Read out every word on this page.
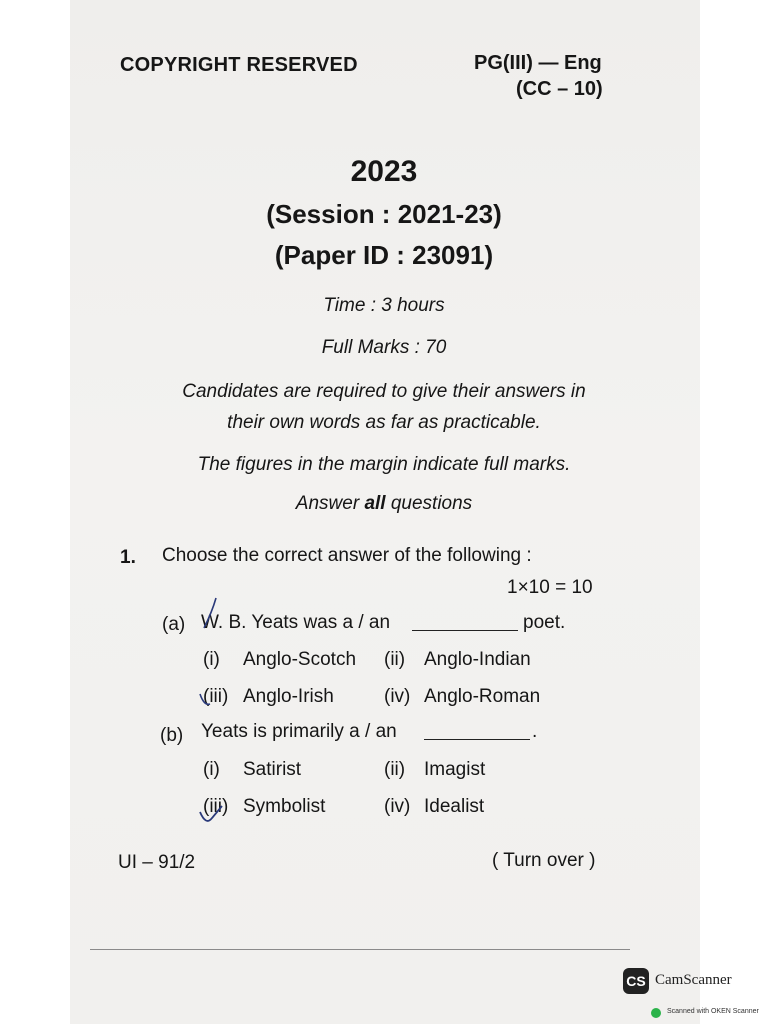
COPYRIGHT RESERVED	PG(III) — Eng
(CC – 10)
2023
(Session : 2021-23)
(Paper ID : 23091)
Time : 3 hours
Full Marks : 70
Candidates are required to give their answers in
their own words as far as practicable.
The figures in the margin indicate full marks.
Answer all questions
1. Choose the correct answer of the following :
1×10 = 10
(a) W. B. Yeats was a / an	poet.
(i) Anglo-Scotch (ii) Anglo-Indian
(iii) Anglo-Irish	(iv) Anglo-Roman
(b) Yeats is primarily a / an	.
(i) Satirist	(ii) Imagist
(iii) Symbolist	(iv) Idealist
UI – 91/2	( Turn over )
CS CamScanner
Scanned with OKEN Scanner
